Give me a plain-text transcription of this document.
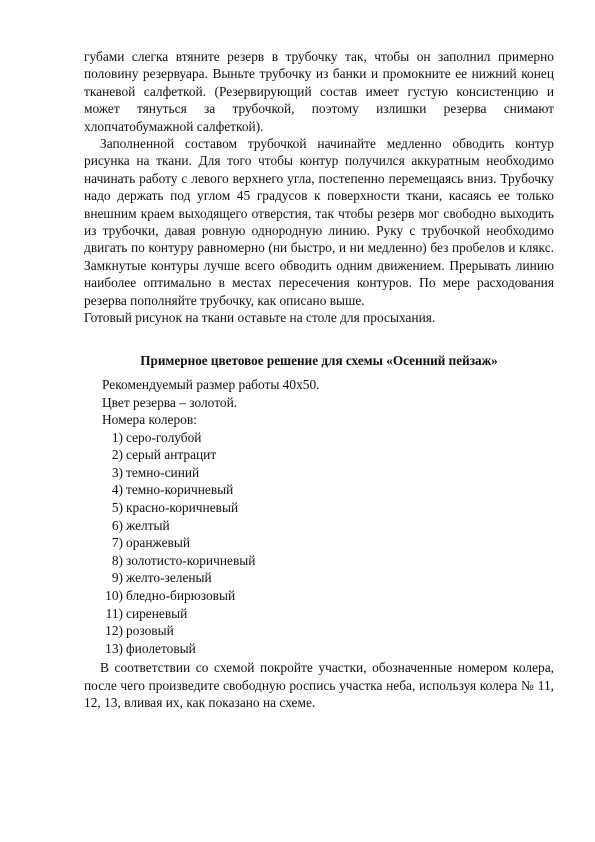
губами слегка втяните резерв в трубочку так, чтобы он заполнил примерно половину резервуара. Выньте трубочку из банки и промокните ее нижний конец тканевой салфеткой. (Резервирующий состав имеет густую консистенцию и может тянуться за трубочкой, поэтому излишки резерва снимают хлопчатобумажной салфеткой).

Заполненной составом трубочкой начинайте медленно обводить контур рисунка на ткани. Для того чтобы контур получился аккуратным необходимо начинать работу с левого верхнего угла, постепенно перемещаясь вниз. Трубочку надо держать под углом 45 градусов к поверхности ткани, касаясь ее только внешним краем выходящего отверстия, так чтобы резерв мог свободно выходить из трубочки, давая ровную однородную линию. Руку с трубочкой необходимо двигать по контуру равномерно (ни быстро, и ни медленно) без пробелов и клякс. Замкнутые контуры лучше всего обводить одним движением. Прерывать линию наиболее оптимально в местах пересечения контуров. По мере расходования резерва пополняйте трубочку, как описано выше.

Готовый рисунок на ткани оставьте на столе для просыхания.

Примерное цветовое решение для схемы «Осенний пейзаж»

Рекомендуемый размер работы 40х50.
Цвет резерва – золотой.
Номера колеров:
1) серо-голубой
2) серый антрацит
3) темно-синий
4) темно-коричневый
5) красно-коричневый
6) желтый
7) оранжевый
8) золотисто-коричневый
9) желто-зеленый
10) бледно-бирюзовый
11) сиреневый
12) розовый
13) фиолетовый

В соответствии со схемой покройте участки, обозначенные номером колера, после чего произведите свободную роспись участка неба, используя колера № 11, 12, 13, вливая их, как показано на схеме.
